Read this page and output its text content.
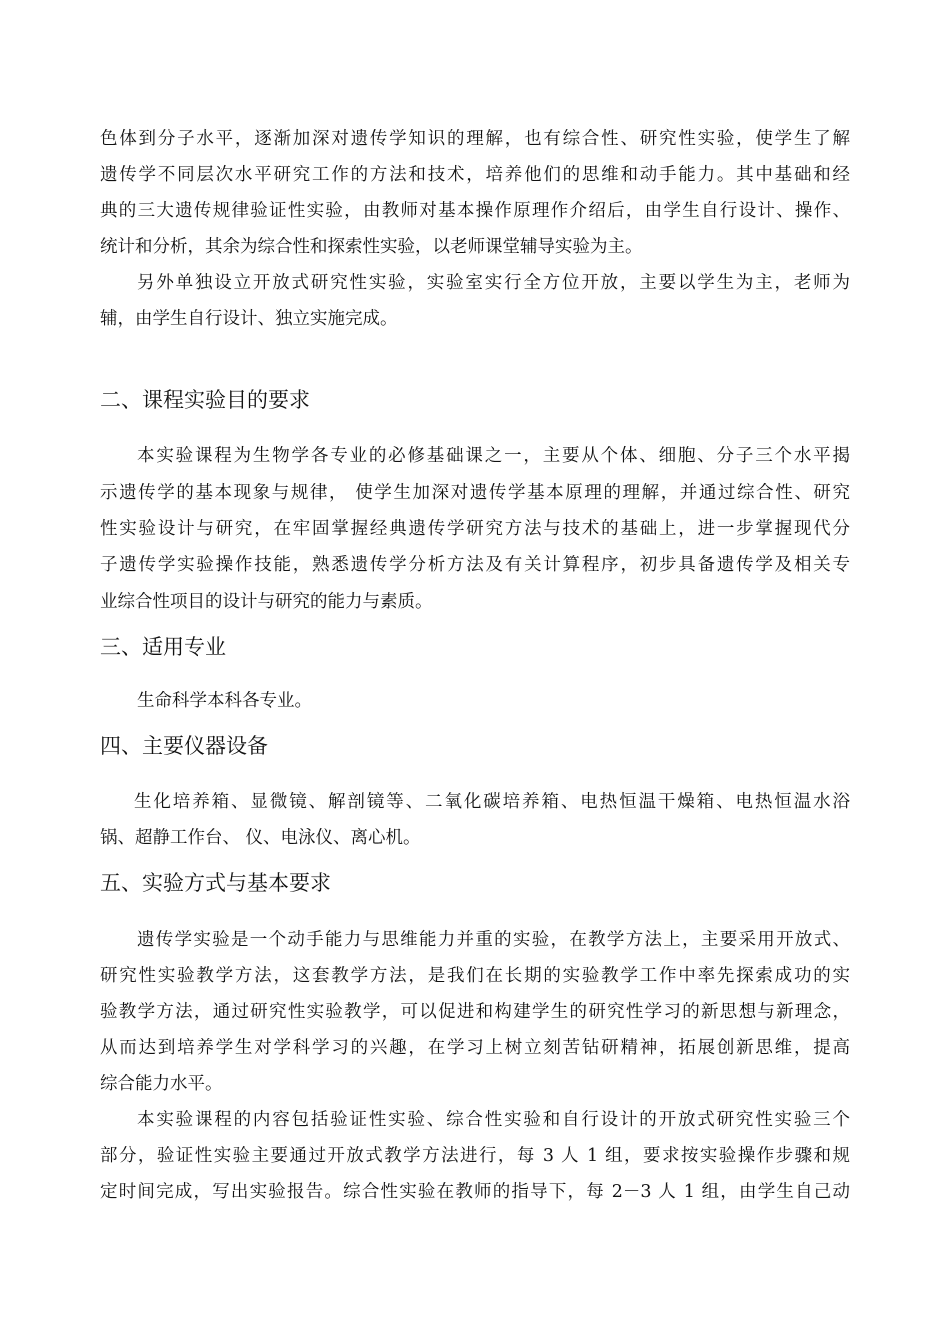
色体到分子水平，逐渐加深对遗传学知识的理解，也有综合性、研究性实验，使学生了解
遗传学不同层次水平研究工作的方法和技术，培养他们的思维和动手能力。其中基础和经
典的三大遗传规律验证性实验，由教师对基本操作原理作介绍后，由学生自行设计、操作、
统计和分析，其余为综合性和探索性实验，以老师课堂辅导实验为主。
另外单独设立开放式研究性实验，实验室实行全方位开放，主要以学生为主，老师为
辅，由学生自行设计、独立实施完成。
二、课程实验目的要求
本实验课程为生物学各专业的必修基础课之一，主要从个体、细胞、分子三个水平揭
示遗传学的基本现象与规律， 使学生加深对遗传学基本原理的理解，并通过综合性、研究
性实验设计与研究，在牢固掌握经典遗传学研究方法与技术的基础上，进一步掌握现代分
子遗传学实验操作技能，熟悉遗传学分析方法及有关计算程序，初步具备遗传学及相关专
业综合性项目的设计与研究的能力与素质。
三、适用专业
生命科学本科各专业。
四、主要仪器设备
生化培养箱、显微镜、解剖镜等、二氧化碳培养箱、电热恒温干燥箱、电热恒温水浴
锅、超静工作台、 仪、电泳仪、离心机。
五、实验方式与基本要求
遗传学实验是一个动手能力与思维能力并重的实验，在教学方法上，主要采用开放式、
研究性实验教学方法，这套教学方法，是我们在长期的实验教学工作中率先探索成功的实
验教学方法，通过研究性实验教学，可以促进和构建学生的研究性学习的新思想与新理念，
从而达到培养学生对学科学习的兴趣，在学习上树立刻苦钻研精神，拓展创新思维，提高
综合能力水平。
本实验课程的内容包括验证性实验、综合性实验和自行设计的开放式研究性实验三个
部分，验证性实验主要通过开放式教学方法进行，每 3 人 1 组，要求按实验操作步骤和规
定时间完成，写出实验报告。综合性实验在教师的指导下，每 2－3 人 1 组，由学生自己动
